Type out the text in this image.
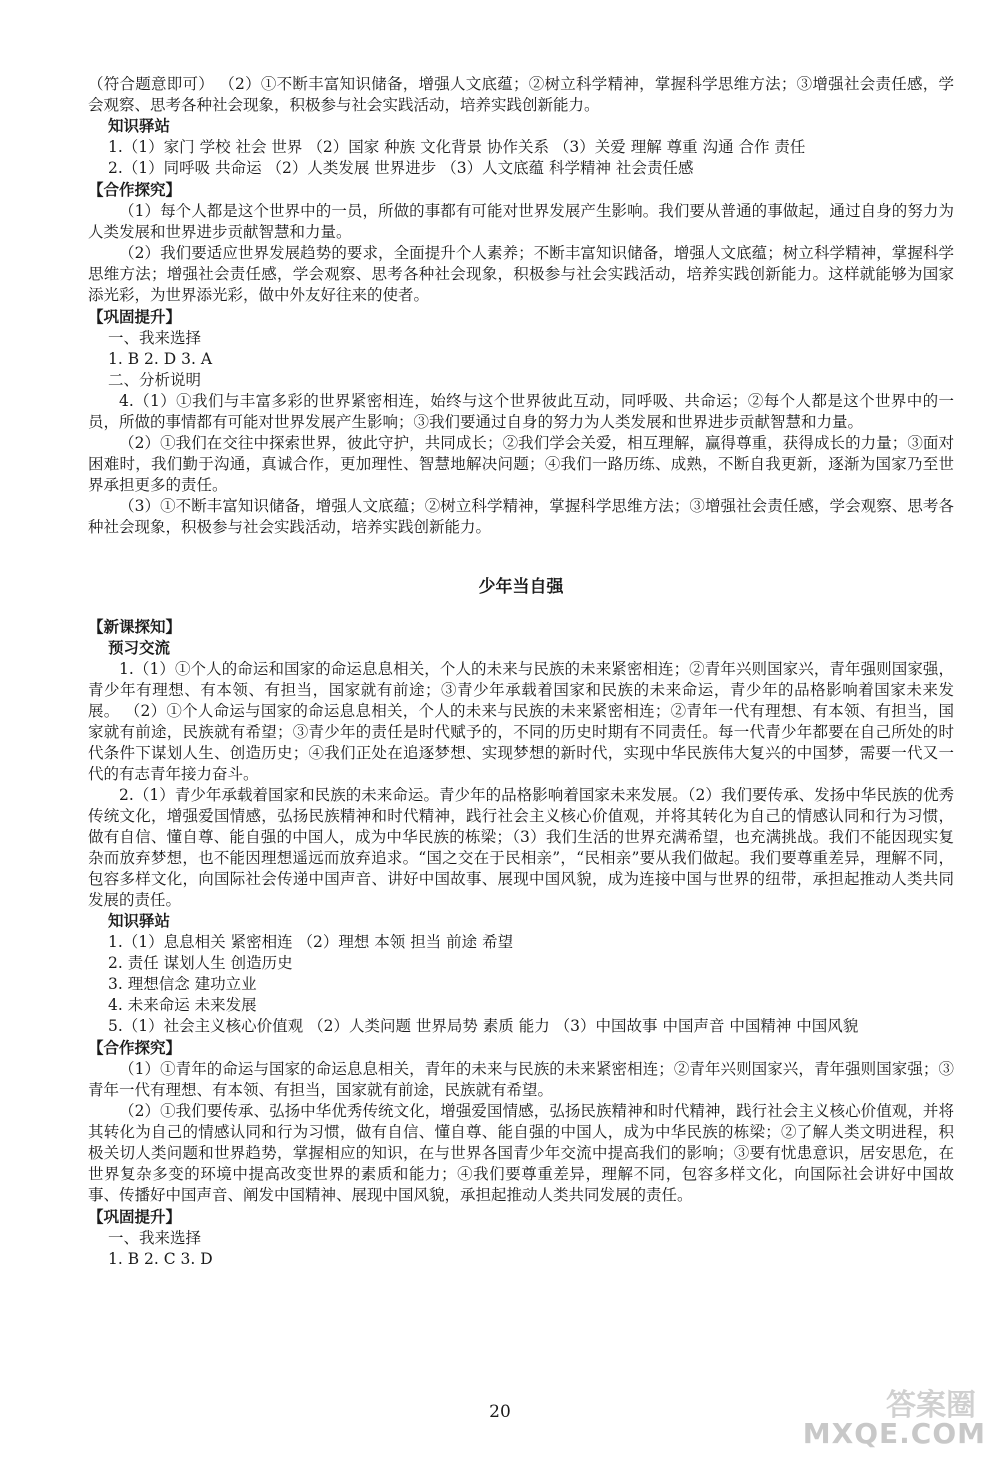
（符合题意即可） （2）①不断丰富知识储备，增强人文底蕴；②树立科学精神，掌握科学思维方法；③增强社会责任感，学会观察、思考各种社会现象，积极参与社会实践活动，培养实践创新能力。

知识驿站

1.（1）家门 学校 社会 世界 （2）国家 种族 文化背景 协作关系 （3）关爱 理解 尊重 沟通 合作 责任

2.（1）同呼吸 共命运 （2）人类发展 世界进步 （3）人文底蕴 科学精神 社会责任感

【合作探究】

（1）每个人都是这个世界中的一员，所做的事都有可能对世界发展产生影响。我们要从普通的事做起，通过自身的努力为人类发展和世界进步贡献智慧和力量。

（2）我们要适应世界发展趋势的要求，全面提升个人素养；不断丰富知识储备，增强人文底蕴；树立科学精神，掌握科学思维方法；增强社会责任感，学会观察、思考各种社会现象，积极参与社会实践活动，培养实践创新能力。这样就能够为国家添光彩，为世界添光彩，做中外友好往来的使者。

【巩固提升】

一、我来选择

1. B 2. D 3. A

二、分析说明

4.（1）①我们与丰富多彩的世界紧密相连，始终与这个世界彼此互动，同呼吸、共命运；②每个人都是这个世界中的一员，所做的事情都有可能对世界发展产生影响；③我们要通过自身的努力为人类发展和世界进步贡献智慧和力量。

（2）①我们在交往中探索世界，彼此守护，共同成长；②我们学会关爱，相互理解，赢得尊重，获得成长的力量；③面对困难时，我们勤于沟通，真诚合作，更加理性、智慧地解决问题；④我们一路历练、成熟，不断自我更新，逐渐为国家乃至世界承担更多的责任。

（3）①不断丰富知识储备，增强人文底蕴；②树立科学精神，掌握科学思维方法；③增强社会责任感，学会观察、思考各种社会现象，积极参与社会实践活动，培养实践创新能力。

少年当自强

【新课探知】

预习交流

1.（1）①个人的命运和国家的命运息息相关，个人的未来与民族的未来紧密相连；②青年兴则国家兴，青年强则国家强，青少年有理想、有本领、有担当，国家就有前途；③青少年承载着国家和民族的未来命运，青少年的品格影响着国家未来发展。 （2）①个人命运与国家的命运息息相关，个人的未来与民族的未来紧密相连；②青年一代有理想、有本领、有担当，国家就有前途，民族就有希望；③青少年的责任是时代赋予的，不同的历史时期有不同责任。每一代青少年都要在自己所处的时代条件下谋划人生、创造历史；④我们正处在追逐梦想、实现梦想的新时代，实现中华民族伟大复兴的中国梦，需要一代又一代的有志青年接力奋斗。

2.（1）青少年承载着国家和民族的未来命运。青少年的品格影响着国家未来发展。（2）我们要传承、发扬中华民族的优秀传统文化，增强爱国情感，弘扬民族精神和时代精神，践行社会主义核心价值观，并将其转化为自己的情感认同和行为习惯，做有自信、懂自尊、能自强的中国人，成为中华民族的栋梁；（3）我们生活的世界充满希望，也充满挑战。我们不能因现实复杂而放弃梦想，也不能因理想遥远而放弃追求。“国之交在于民相亲”，“民相亲”要从我们做起。我们要尊重差异，理解不同，包容多样文化，向国际社会传递中国声音、讲好中国故事、展现中国风貌，成为连接中国与世界的纽带，承担起推动人类共同发展的责任。

知识驿站

1.（1）息息相关 紧密相连 （2）理想 本领 担当 前途 希望

2. 责任 谋划人生 创造历史

3. 理想信念 建功立业

4. 未来命运 未来发展

5.（1）社会主义核心价值观 （2）人类问题 世界局势 素质 能力 （3）中国故事 中国声音 中国精神 中国风貌

【合作探究】

（1）①青年的命运与国家的命运息息相关，青年的未来与民族的未来紧密相连；②青年兴则国家兴，青年强则国家强；③青年一代有理想、有本领、有担当，国家就有前途，民族就有希望。

（2）①我们要传承、弘扬中华优秀传统文化，增强爱国情感，弘扬民族精神和时代精神，践行社会主义核心价值观，并将其转化为自己的情感认同和行为习惯，做有自信、懂自尊、能自强的中国人，成为中华民族的栋梁；②了解人类文明进程，积极关切人类问题和世界趋势，掌握相应的知识，在与世界各国青少年交流中提高我们的影响；③要有忧患意识，居安思危，在世界复杂多变的环境中提高改变世界的素质和能力；④我们要尊重差异，理解不同，包容多样文化，向国际社会讲好中国故事、传播好中国声音、阐发中国精神、展现中国风貌，承担起推动人类共同发展的责任。

【巩固提升】

一、我来选择

1. B 2. C 3. D

20	答案圈
MXQE.COM
